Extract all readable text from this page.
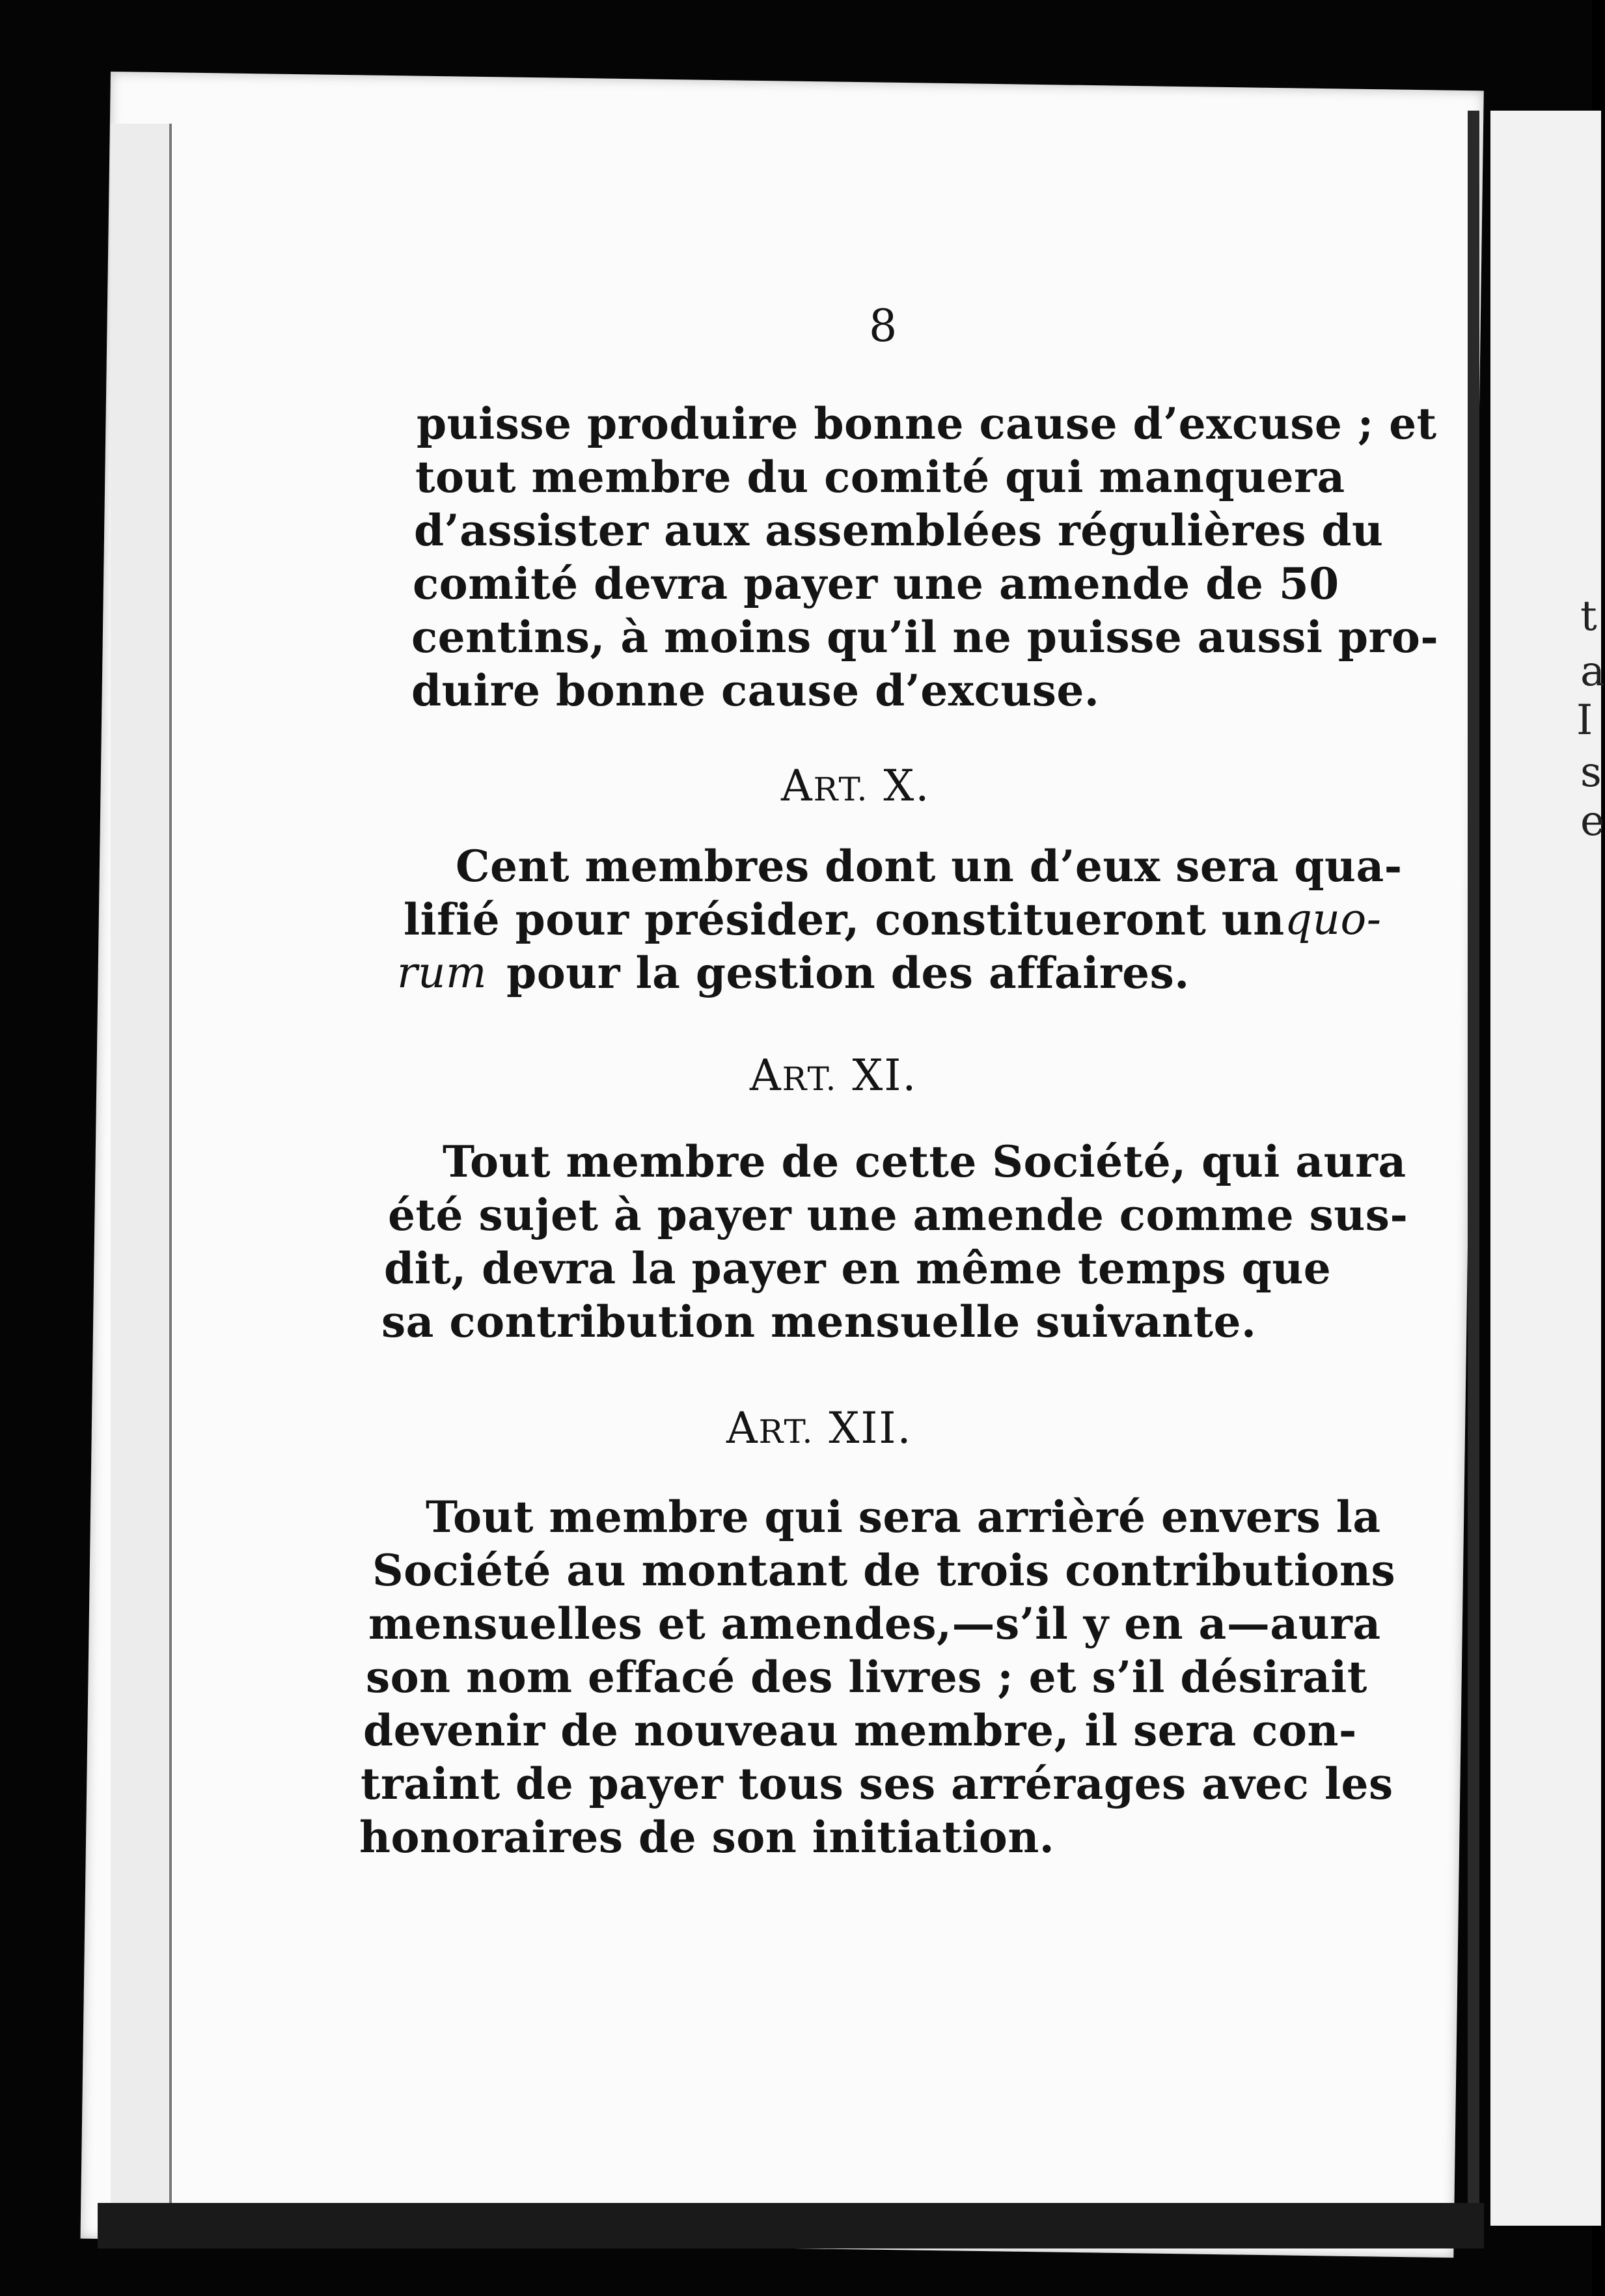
t
a
I
s
e
8
puisse produire bonne cause d’excuse ; et
tout membre du comité qui manquera
d’assister aux assemblées régulières du
comité devra payer une amende de 50
centins, à moins qu’il ne puisse aussi pro-
duire bonne cause d’excuse.
ART. X.
Cent membres dont un d’eux sera qua-
lifié pour présider, constitueront un quo-
rum pour la gestion des affaires.
ART. XI.
Tout membre de cette Société, qui aura
été sujet à payer une amende comme sus-
dit, devra la payer en même temps que
sa contribution mensuelle suivante.
ART. XII.
Tout membre qui sera arrièré envers la
Société au montant de trois contributions
mensuelles et amendes,—s’il y en a—aura
son nom effacé des livres ; et s’il désirait
devenir de nouveau membre, il sera con-
traint de payer tous ses arrérages avec les
honoraires de son initiation.
